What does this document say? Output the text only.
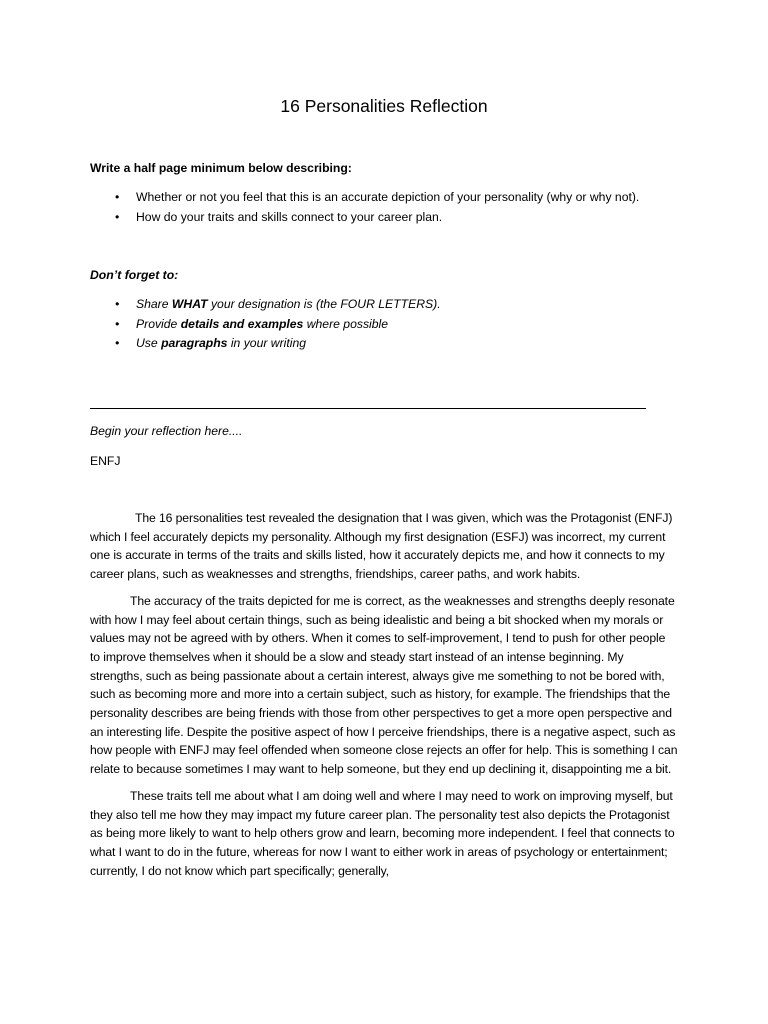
16 Personalities Reflection
Write a half page minimum below describing:
• Whether or not you feel that this is an accurate depiction of your personality (why or why not).
• How do your traits and skills connect to your career plan.
Don’t forget to:
• Share WHAT your designation is (the FOUR LETTERS).
• Provide details and examples where possible
• Use paragraphs in your writing
Begin your reflection here....
ENFJ

The 16 personalities test revealed the designation that I was given, which was the Protagonist (ENFJ) which I feel accurately depicts my personality. Although my first designation (ESFJ) was incorrect, my current one is accurate in terms of the traits and skills listed, how it accurately depicts me, and how it connects to my career plans, such as weaknesses and strengths, friendships, career paths, and work habits.

The accuracy of the traits depicted for me is correct, as the weaknesses and strengths deeply resonate with how I may feel about certain things, such as being idealistic and being a bit shocked when my morals or values may not be agreed with by others. When it comes to self-improvement, I tend to push for other people to improve themselves when it should be a slow and steady start instead of an intense beginning. My strengths, such as being passionate about a certain interest, always give me something to not be bored with, such as becoming more and more into a certain subject, such as history, for example. The friendships that the personality describes are being friends with those from other perspectives to get a more open perspective and an interesting life. Despite the positive aspect of how I perceive friendships, there is a negative aspect, such as how people with ENFJ may feel offended when someone close rejects an offer for help. This is something I can relate to because sometimes I may want to help someone, but they end up declining it, disappointing me a bit.

These traits tell me about what I am doing well and where I may need to work on improving myself, but they also tell me how they may impact my future career plan. The personality test also depicts the Protagonist as being more likely to want to help others grow and learn, becoming more independent. I feel that connects to what I want to do in the future, whereas for now I want to either work in areas of psychology or entertainment; currently, I do not know which part specifically; generally,
